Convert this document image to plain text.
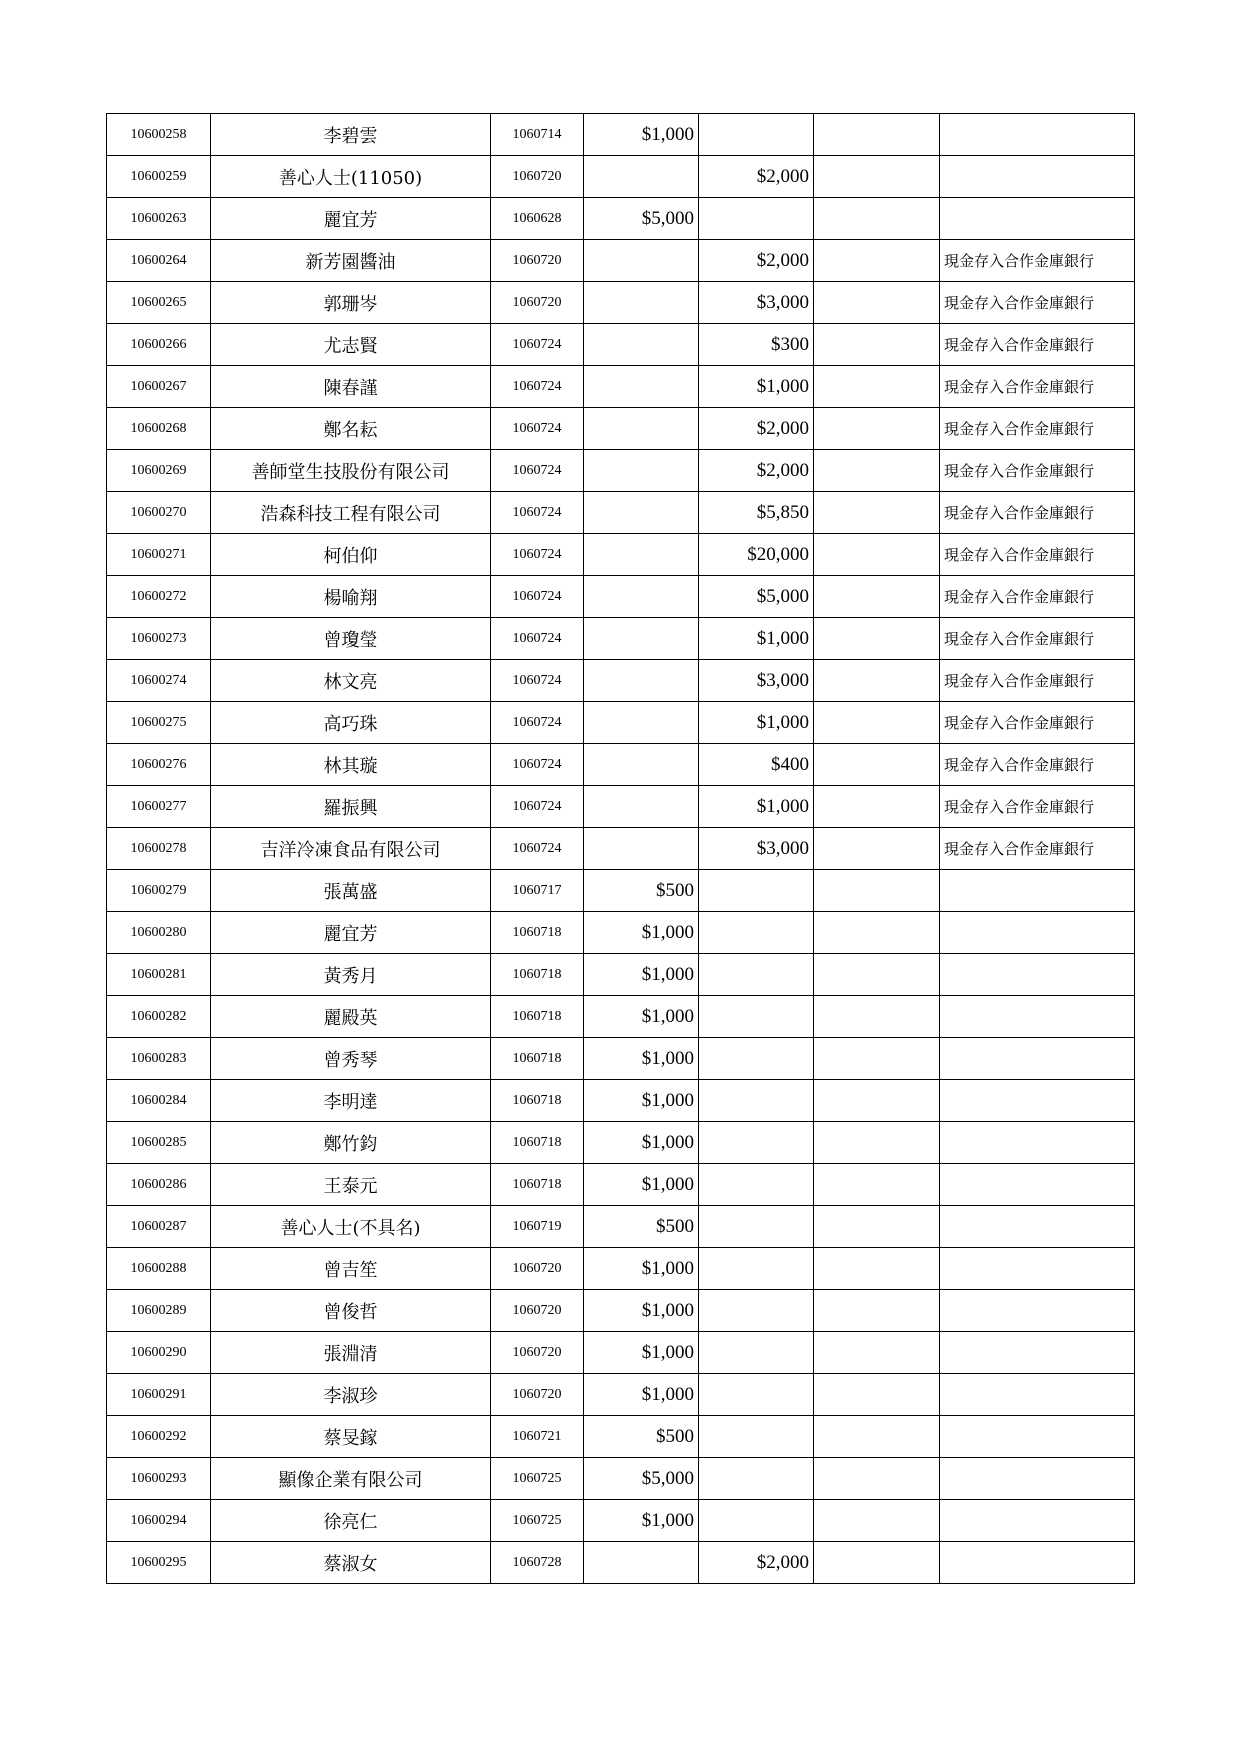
10600258	李碧雲	1060714	$1,000			
10600259	善心人士(11050)	1060720		$2,000		
10600263	麗宜芳	1060628	$5,000			
10600264	新芳園醬油	1060720		$2,000		現金存入合作金庫銀行
10600265	郭珊岑	1060720		$3,000		現金存入合作金庫銀行
10600266	尤志賢	1060724		$300		現金存入合作金庫銀行
10600267	陳春謹	1060724		$1,000		現金存入合作金庫銀行
10600268	鄭名耘	1060724		$2,000		現金存入合作金庫銀行
10600269	善師堂生技股份有限公司	1060724		$2,000		現金存入合作金庫銀行
10600270	浩森科技工程有限公司	1060724		$5,850		現金存入合作金庫銀行
10600271	柯伯仰	1060724		$20,000		現金存入合作金庫銀行
10600272	楊喻翔	1060724		$5,000		現金存入合作金庫銀行
10600273	曾瓊瑩	1060724		$1,000		現金存入合作金庫銀行
10600274	林文亮	1060724		$3,000		現金存入合作金庫銀行
10600275	高巧珠	1060724		$1,000		現金存入合作金庫銀行
10600276	林其璇	1060724		$400		現金存入合作金庫銀行
10600277	羅振興	1060724		$1,000		現金存入合作金庫銀行
10600278	吉洋冷凍食品有限公司	1060724		$3,000		現金存入合作金庫銀行
10600279	張萬盛	1060717	$500			
10600280	麗宜芳	1060718	$1,000			
10600281	黃秀月	1060718	$1,000			
10600282	麗殿英	1060718	$1,000			
10600283	曾秀琴	1060718	$1,000			
10600284	李明達	1060718	$1,000			
10600285	鄭竹鈞	1060718	$1,000			
10600286	王泰元	1060718	$1,000			
10600287	善心人士(不具名)	1060719	$500			
10600288	曾吉笙	1060720	$1,000			
10600289	曾俊哲	1060720	$1,000			
10600290	張淵清	1060720	$1,000			
10600291	李淑珍	1060720	$1,000			
10600292	蔡旻鎵	1060721	$500			
10600293	顯像企業有限公司	1060725	$5,000			
10600294	徐亮仁	1060725	$1,000			
10600295	蔡淑女	1060728		$2,000		
